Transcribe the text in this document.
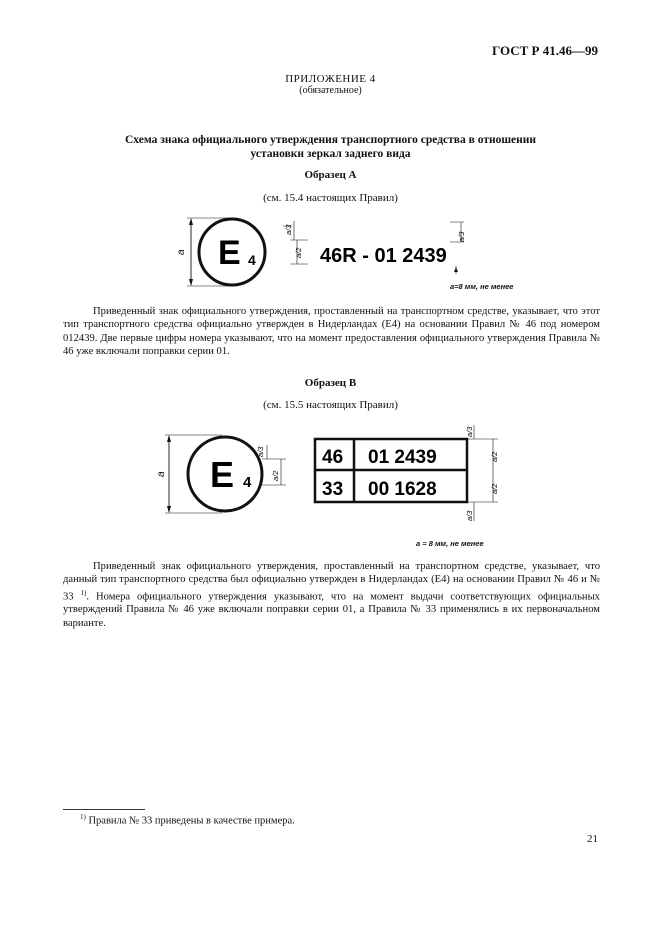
ГОСТ Р 41.46—99
ПРИЛОЖЕНИЕ 4
(обязательное)
Схема знака официального утверждения транспортного средства в отношении
установки зеркал заднего вида
Образец А
(см. 15.4 настоящих Правил)
a E 4
a/3
a/2 46R - 01 2439
a/3
a=8 мм, не менее

Приведенный знак официального утверждения, проставленный на транспортном средстве, указывает, что этот тип транспортного средства официально утвержден в Нидерландах (Е4) на основании Правил № 46 под номером 012439. Две первые цифры номера указывают, что на момент предоставления официального утверждения Правила № 46 уже включали поправки серии 01.

Образец В
(см. 15.5 настоящих Правил)
a E 4
a/3
a/2
46 01 2439
33 00 1628
a/3
a/2
a/2
a/3
a = 8 мм, не менее

Приведенный знак официального утверждения, проставленный на транспортном средстве, указывает, что данный тип транспортного средства был официально утвержден в Нидерландах (Е4) на основании Правил № 46 и № 33 $^{1)}$. Номера официального утверждения указывают, что на момент выдачи соответствующих официальных утверждений Правила № 46 уже включали поправки серии 01, а Правила № 33 применялись в их первоначальном варианте.

$^{1)}$ Правила № 33 приведены в качестве примера.
21
